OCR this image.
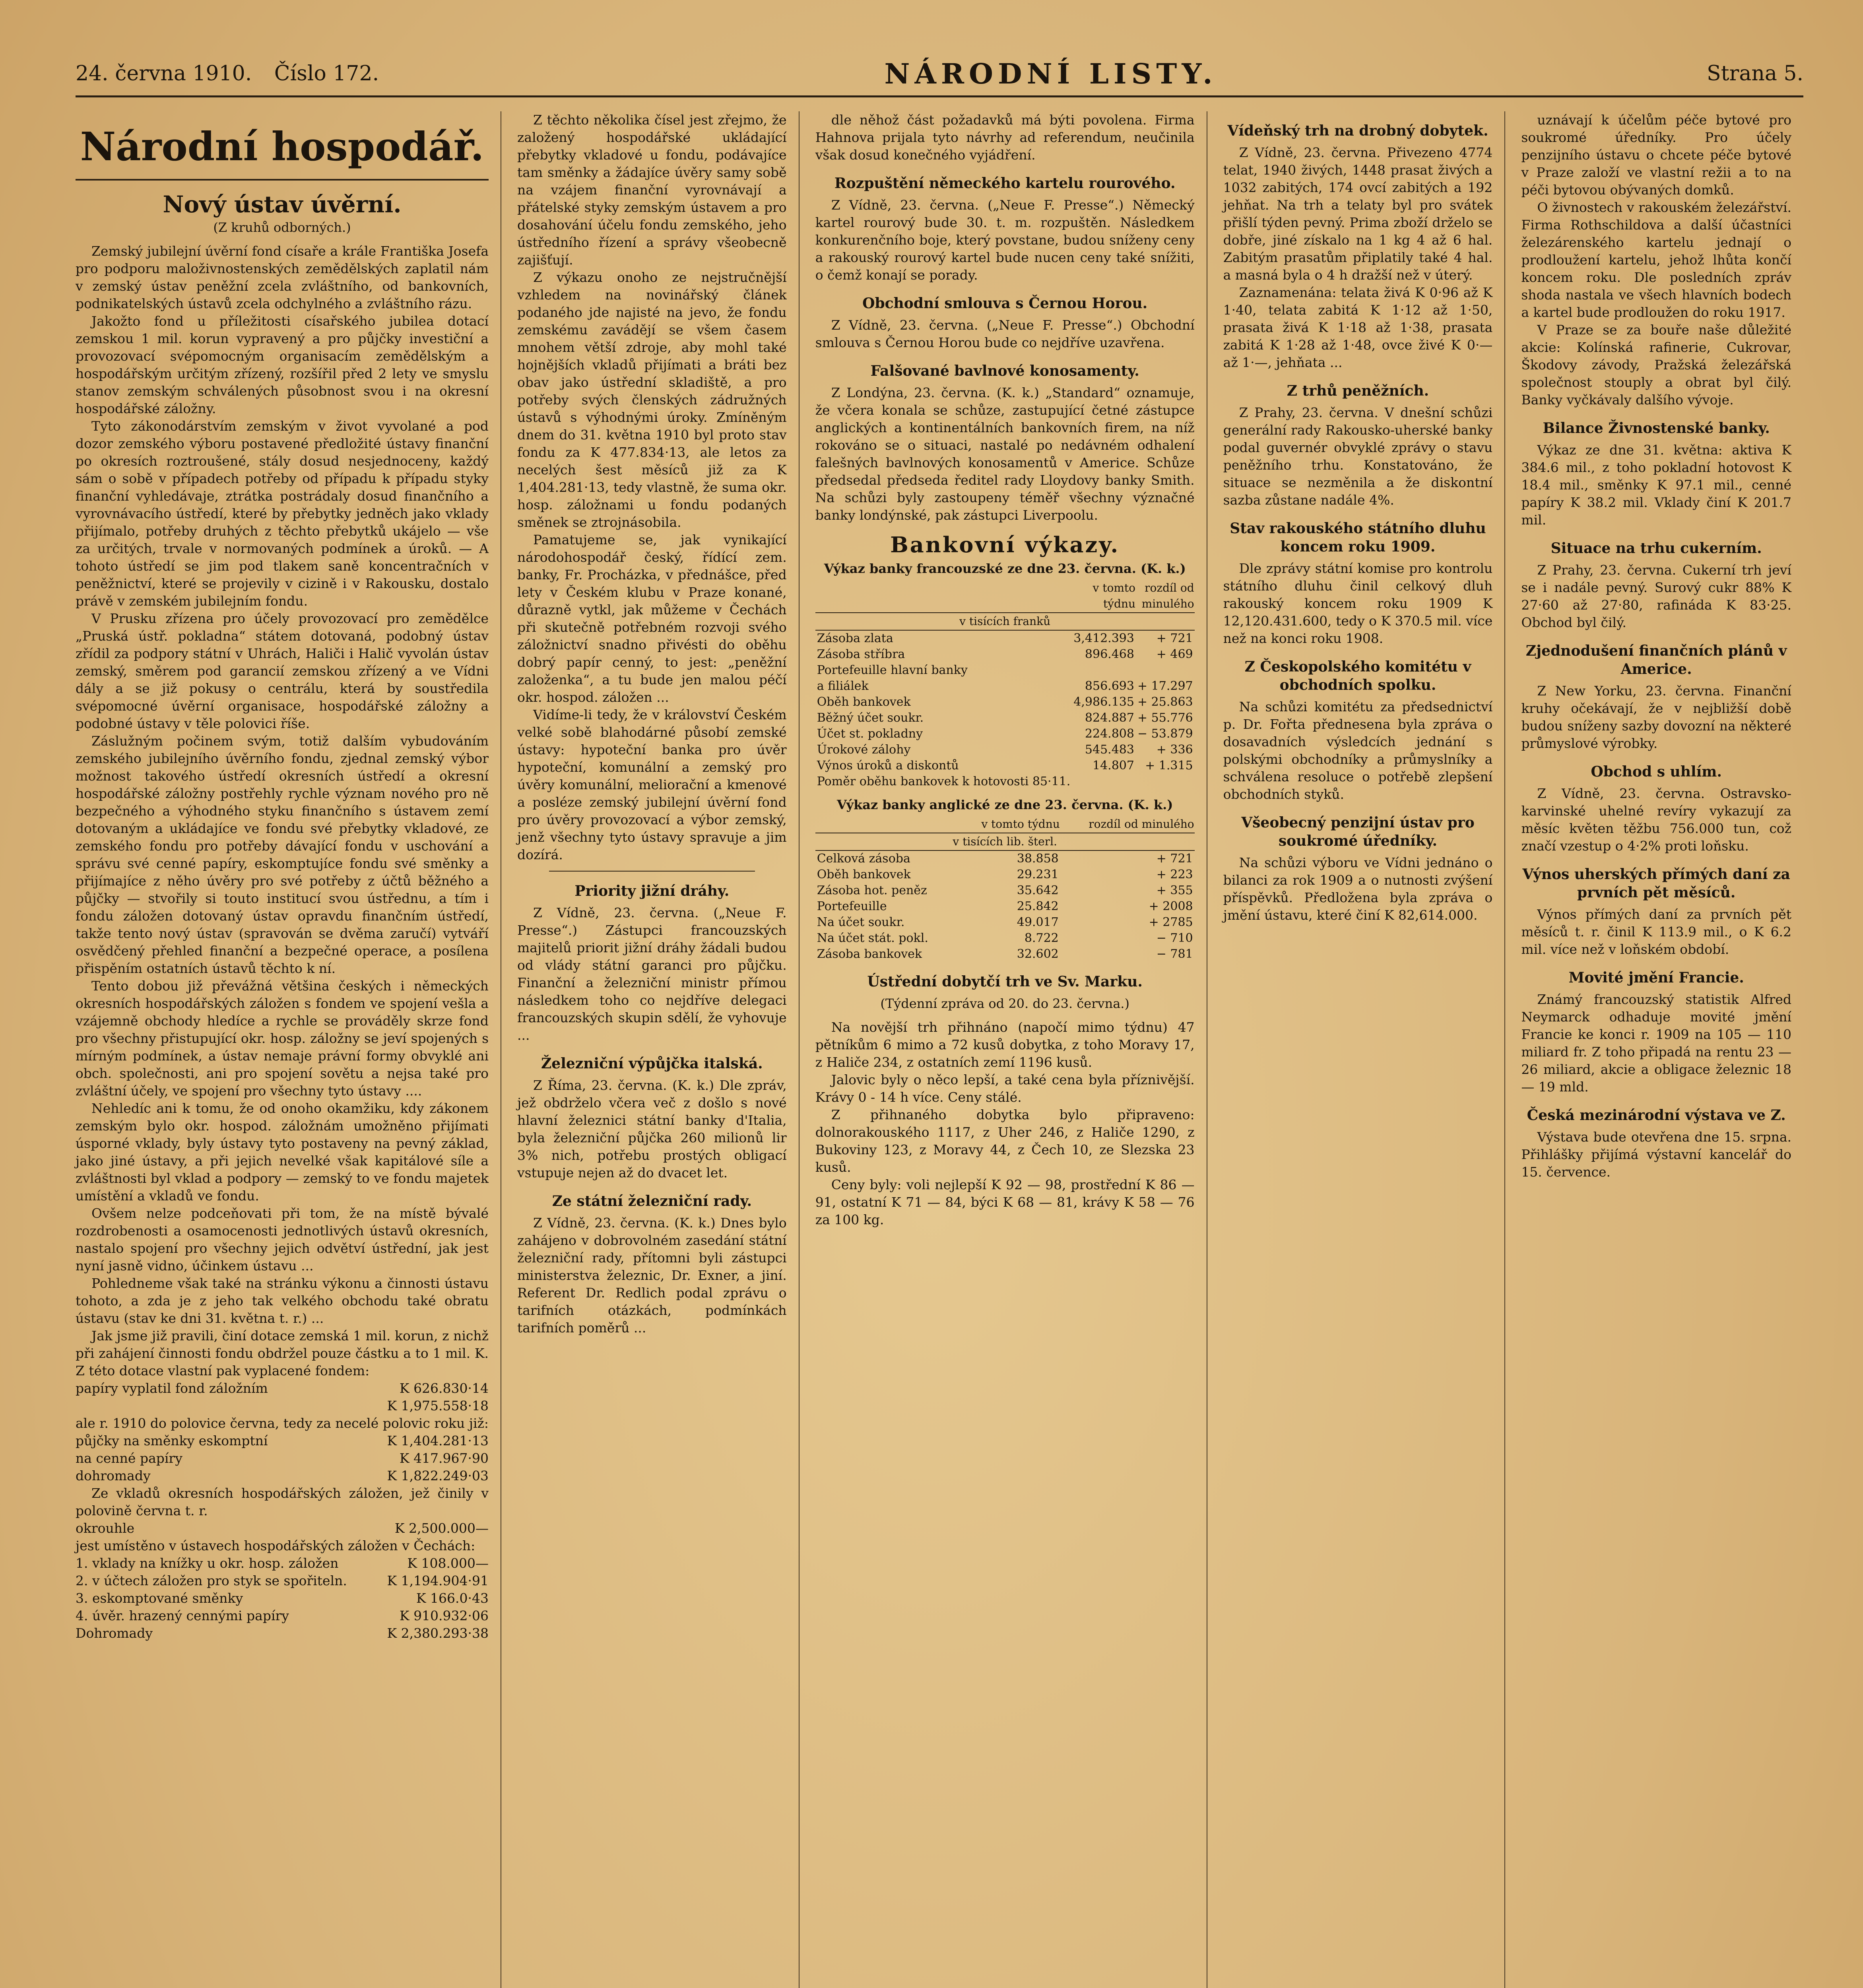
24. června 1910. Číslo 172.	NÁRODNÍ LISTY.	Strana 5.
Národní hospodář.
Nový ústav úvěrní.
(Z kruhů odborných.)

Zemský jubilejní úvěrní fond císaře a krále Františka Josefa pro podporu maloživnostenských zemědělských zaplatil nám v zemský ústav peněžní zcela zvláštního, od bankovních, podnikatelských ústavů zcela odchylného a zvláštního rázu.

Jakožto fond u příležitosti císařského jubilea dotací zemskou 1 mil. korun vypravený a pro půjčky investiční a provozovací svépomocným organisacím zemědělským a hospodářským určitým zřízený, rozšířil před 2 lety ve smyslu stanov zemským schválených působnost svou i na okresní hospodářské záložny.

Tyto zákonodárstvím zemským v život vyvolané a pod dozor zemského výboru postavené předložité ústavy finanční po okresích roztroušené, stály dosud nesjednoceny, každý sám o sobě v případech potřeby od případu k případu styky finanční vyhledávaje, ztrátka postrádaly dosud finančního a vyrovnávacího ústředí, které by přebytky jedněch jako vklady přijímalo, potřeby druhých z těchto přebytků ukájelo — vše za určitých, trvale v normovaných podmínek a úroků. — A tohoto ústředí se jim pod tlakem saně koncentračních v peněžnictví, které se projevily v cizině i v Rakousku, dostalo právě v zemském jubilejním fondu.

V Prusku zřízena pro účely provozovací pro zemědělce „Pruská ústř. pokladna“ státem dotovaná, podobný ústav zřídil za podpory státní v Uhrách, Haliči i Halič vyvolán ústav zemský, směrem pod garancií zemskou zřízený a ve Vídni dály a se již pokusy o centrálu, která by soustředila svépomocné úvěrní organisace, hospodářské záložny a podobné ústavy v těle polovici říše.

Záslužným počinem svým, totiž dalším vybudováním zemského jubilejního úvěrního fondu, zjednal zemský výbor možnost takového ústředí okresních ústředí a okresní hospodářské záložny postřehly rychle význam nového pro ně bezpečného a výhodného styku finančního s ústavem zemí dotovaným a ukládajíce ve fondu své přebytky vkladové, ze zemského fondu pro potřeby dávající fondu v uschování a správu své cenné papíry, eskomptujíce fondu své směnky a přijímajíce z něho úvěry pro své potřeby z účtů běžného a půjčky — stvořily si touto institucí svou ústřednu, a tím i fondu záložen dotovaný ústav opravdu finančním ústředí, takže tento nový ústav (spravován se dvěma zaručí) vytváří osvědčený přehled finanční a bezpečné operace, a posílena přispěním ostatních ústavů těchto k ní.

Tento dobou již převážná většina českých i německých okresních hospodářských záložen s fondem ve spojení vešla a vzájemně obchody hledíce a rychle se prováděly skrze fond pro všechny přistupující okr. hosp. záložny se jeví spojených s mírným podmínek, a ústav nemaje právní formy obvyklé ani obch. společnosti, ani pro spojení sovětu a nejsa také pro zvláštní účely, ve spojení pro všechny tyto ústavy ....

Nehledíc ani k tomu, že od onoho okamžiku, kdy zákonem zemským bylo okr. hospod. záložnám umožněno přijímati úsporné vklady, byly ústavy tyto postaveny na pevný základ, jako jiné ústavy, a při jejich nevelké však kapitálové síle a zvláštnosti byl vklad a podpory — zemský to ve fondu majetek umístění a vkladů ve fondu.

Ovšem nelze podceňovati při tom, že na místě bývalé rozdrobenosti a osamocenosti jednotlivých ústavů okresních, nastalo spojení pro všechny jejich odvětví ústřední, jak jest nyní jasně vidno, účinkem ústavu ...

Pohledneme však také na stránku výkonu a činnosti ústavu tohoto, a zda je z jeho tak velkého obchodu také obratu ústavu (stav ke dni 31. května t. r.) ...

Jak jsme již pravili, činí dotace zemská 1 mil. korun, z nichž při zahájení činnosti fondu obdržel pouze částku a to 1 mil. K. Z této dotace vlastní pak vyplacené fondem:

papíry vyplatil fond záložním	K 626.830·14
K 1,975.558·18
ale r. 1910 do polovice června, tedy za necelé polovic roku již:
půjčky na směnky eskomptní	K 1,404.281·13
na cenné papíry	K 417.967·90
dohromady	K 1,822.249·03

Ze vkladů okresních hospodářských záložen, jež činily v polovině června t. r.

okrouhle	K 2,500.000—
jest umístěno v ústavech hospodářských záložen v Čechách:
1. vklady na knížky u okr. hosp. záložen	K 108.000—
2. v účtech záložen pro styk se spořiteln.	K 1,194.904·91
3. eskomptované směnky	K 166.0·43
4. úvěr. hrazený cennými papíry	K 910.932·06
Dohromady	K 2,380.293·38

Z těchto několika čísel jest zřejmo, že založený hospodářské ukládající přebytky vkladové u fondu, podávajíce tam směnky a žádajíce úvěry samy sobě na vzájem finanční vyrovnávají a přátelské styky zemským ústavem a pro dosahování účelu fondu zemského, jeho ústředního řízení a správy všeobecně zajišťují.

Z výkazu onoho ze nejstručnější vzhledem na novinářský článek podaného jde najisté na jevo, že fondu zemskému zavádějí se všem časem mnohem větší zdroje, aby mohl také hojnějších vkladů přijímati a bráti bez obav jako ústřední skladiště, a pro potřeby svých členských zádružných ústavů s výhodnými úroky. Zmíněným dnem do 31. května 1910 byl proto stav fondu za K 477.834·13, ale letos za necelých šest měsíců již za K 1,404.281·13, tedy vlastně, že suma okr. hosp. záložnami u fondu podaných směnek se ztrojnásobila.

Pamatujeme se, jak vynikající národohospodář český, řídící zem. banky, Fr. Procházka, v přednášce, před lety v Českém klubu v Praze konané, důrazně vytkl, jak můžeme v Čechách při skutečně potřebném rozvoji svého záložnictví snadno přivésti do oběhu dobrý papír cenný, to jest: „peněžní založenka“, a tu bude jen malou péčí okr. hospod. záložen ...

Vidíme-li tedy, že v království Českém velké sobě blahodárné působí zemské ústavy: hypoteční banka pro úvěr hypoteční, komunální a zemský pro úvěry komunální, meliorační a kmenové a posléze zemský jubilejní úvěrní fond pro úvěry provozovací a výbor zemský, jenž všechny tyto ústavy spravuje a jim dozírá.

Priority jižní dráhy.

Z Vídně, 23. června. („Neue F. Presse“.) Zástupci francouzských majitelů priorit jižní dráhy žádali budou od vlády státní garanci pro půjčku. Finanční a železniční ministr přímou následkem toho co nejdříve delegaci francouzských skupin sdělí, že vyhovuje ...

Železniční výpůjčka italská.

Z Říma, 23. června. (K. k.) Dle zpráv, jež obdrželo včera več z došlo s nové hlavní železnici státní banky d'Italia, byla železniční půjčka 260 milionů lir 3% nich, potřebu prostých obligací vstupuje nejen až do dvacet let.

Ze státní železniční rady.

Z Vídně, 23. června. (K. k.) Dnes bylo zahájeno v dobrovolném zasedání státní železniční rady, přítomni byli zástupci ministerstva železnic, Dr. Exner, a jiní. Referent Dr. Redlich podal zprávu o tarifních otázkách, podmínkách tarifních poměrů ...

dle něhož část požadavků má býti povolena. Firma Hahnova prijala tyto návrhy ad referendum, neučinila však dosud konečného vyjádření.

Rozpuštění německého kartelu rourového.

Z Vídně, 23. června. („Neue F. Presse“.) Německý kartel rourový bude 30. t. m. rozpuštěn. Následkem konkurenčního boje, který povstane, budou sníženy ceny a rakouský rourový kartel bude nucen ceny také snížiti, o čemž konají se porady.

Obchodní smlouva s Černou Horou.

Z Vídně, 23. června. („Neue F. Presse“.) Obchodní smlouva s Černou Horou bude co nejdříve uzavřena.

Falšované bavlnové konosamenty.

Z Londýna, 23. června. (K. k.) „Standard“ oznamuje, že včera konala se schůze, zastupující četné zástupce anglických a kontinentálních bankovních firem, na níž rokováno se o situaci, nastalé po nedávném odhalení falešných bavlnových konosamentů v Americe. Schůze předsedal předseda ředitel rady Lloydovy banky Smith. Na schůzi byly zastoupeny téměř všechny význačné banky londýnské, pak zástupci Liverpoolu.

Bankovní výkazy.
Výkaz banky francouzské ze dne 23. června. (K. k.)
	v tomto týdnu	rozdíl od minulého
v tisících franků		
Zásoba zlata	3,412.393	+ 721
Zásoba stříbra	896.468	+ 469
Portefeuille hlavní banky		
a filiálek	856.693	+ 17.297
Oběh bankovek	4,986.135	+ 25.863
Běžný účet soukr.	824.887	+ 55.776
Účet st. pokladny	224.808	− 53.879
Úrokové zálohy	545.483	+ 336
Výnos úroků a diskontů	14.807	+ 1.315
Poměr oběhu bankovek k hotovosti 85·11.		
Výkaz banky anglické ze dne 23. června. (K. k.)
	v tomto týdnu	rozdíl od minulého
v tisících lib. šterl.		
Celková zásoba	38.858	+ 721
Oběh bankovek	29.231	+ 223
Zásoba hot. peněz	35.642	+ 355
Portefeuille	25.842	+ 2008
Na účet soukr.	49.017	+ 2785
Na účet stát. pokl.	8.722	− 710
Zásoba bankovek	32.602	− 781
Ústřední dobytčí trh ve Sv. Marku.
(Týdenní zpráva od 20. do 23. června.)

Na novější trh přihnáno (napočí mimo týdnu) 47 pětníkům 6 mimo a 72 kusů dobytka, z toho Moravy 17, z Haliče 234, z ostatních zemí 1196 kusů.

Jalovic byly o něco lepší, a také cena byla příznivější. Krávy 0 - 14 h více. Ceny stálé.

Z přihnaného dobytka bylo připraveno: dolnorakouského 1117, z Uher 246, z Haliče 1290, z Bukoviny 123, z Moravy 44, z Čech 10, ze Slezska 23 kusů.

Ceny byly: voli nejlepší K 92 — 98, prostřední K 86 — 91, ostatní K 71 — 84, býci K 68 — 81, krávy K 58 — 76 za 100 kg.

Vídeňský trh na drobný dobytek.

Z Vídně, 23. června. Přivezeno 4774 telat, 1940 živých, 1448 prasat živých a 1032 zabitých, 174 ovcí zabitých a 192 jehňat. Na trh a telaty byl pro svátek přišlí týden pevný. Prima zboží drželo se dobře, jiné získalo na 1 kg 4 až 6 hal. Zabitým prasatům připlatily také 4 hal. a masná byla o 4 h dražší než v úterý.

Zaznamenána: telata živá K 0·96 až K 1·40, telata zabitá K 1·12 až 1·50, prasata živá K 1·18 až 1·38, prasata zabitá K 1·28 až 1·48, ovce živé K 0·— až 1·—, jehňata ...

Z trhů peněžních.

Z Prahy, 23. června. V dnešní schůzi generální rady Rakousko-uherské banky podal guvernér obvyklé zprávy o stavu peněžního trhu. Konstatováno, že situace se nezměnila a že diskontní sazba zůstane nadále 4%.

Stav rakouského státního dluhu koncem roku 1909.

Dle zprávy státní komise pro kontrolu státního dluhu činil celkový dluh rakouský koncem roku 1909 K 12,120.431.600, tedy o K 370.5 mil. více než na konci roku 1908.

Z Českopolského komitétu v obchodních spolku.

Na schůzi komitétu za předsednictví p. Dr. Fořta přednesena byla zpráva o dosavadních výsledcích jednání s polskými obchodníky a průmyslníky a schválena resoluce o potřebě zlepšení obchodních styků.

Všeobecný penzijní ústav pro soukromé úředníky.

Na schůzi výboru ve Vídni jednáno o bilanci za rok 1909 a o nutnosti zvýšení příspěvků. Předložena byla zpráva o jmění ústavu, které činí K 82,614.000.

uznávají k účelům péče bytové pro soukromé úředníky. Pro účely penzijního ústavu o chcete péče bytové v Praze založí ve vlastní režii a to na péči bytovou obývaných domků.

O živnostech v rakouském železářství. Firma Rothschildova a další účastníci železárenského kartelu jednají o prodloužení kartelu, jehož lhůta končí koncem roku. Dle posledních zpráv shoda nastala ve všech hlavních bodech a kartel bude prodloužen do roku 1917.

V Praze se za bouře naše důležité akcie: Kolínská rafinerie, Cukrovar, Škodovy závody, Pražská železářská společnost stouply a obrat byl čilý. Banky vyčkávaly dalšího vývoje.

Bilance Živnostenské banky.

Výkaz ze dne 31. května: aktiva K 384.6 mil., z toho pokladní hotovost K 18.4 mil., směnky K 97.1 mil., cenné papíry K 38.2 mil. Vklady činí K 201.7 mil.

Situace na trhu cukerním.

Z Prahy, 23. června. Cukerní trh jeví se i nadále pevný. Surový cukr 88% K 27·60 až 27·80, rafináda K 83·25. Obchod byl čilý.

Zjednodušení finančních plánů v Americe.

Z New Yorku, 23. června. Finanční kruhy očekávají, že v nejbližší době budou sníženy sazby dovozní na některé průmyslové výrobky.

Obchod s uhlím.

Z Vídně, 23. června. Ostravsko-karvinské uhelné revíry vykazují za měsíc květen těžbu 756.000 tun, což značí vzestup o 4·2% proti loňsku.

Výnos uherských přímých daní za prvních pět měsíců.

Výnos přímých daní za prvních pět měsíců t. r. činil K 113.9 mil., o K 6.2 mil. více než v loňském období.

Movité jmění Francie.

Známý francouzský statistik Alfred Neymarck odhaduje movité jmění Francie ke konci r. 1909 na 105 — 110 miliard fr. Z toho připadá na rentu 23 — 26 miliard, akcie a obligace železnic 18 — 19 mld.

Česká mezinárodní výstava ve Z.

Výstava bude otevřena dne 15. srpna. Přihlášky přijímá výstavní kancelář do 15. července.
